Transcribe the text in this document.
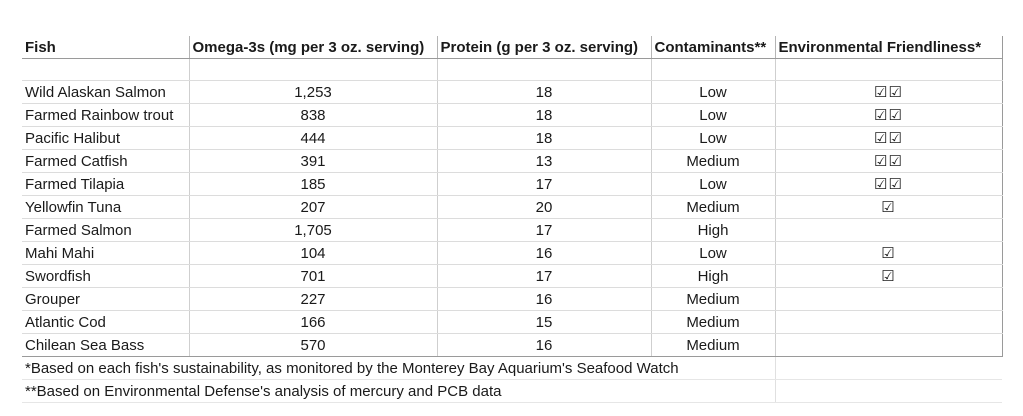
Fish	Omega-3s (mg per 3 oz. serving)	Protein (g per 3 oz. serving)	Contaminants**	Environmental Friendliness*

Wild Alaskan Salmon	1,253	18	Low	☑☑
Farmed Rainbow trout	838	18	Low	☑☑
Pacific Halibut	444	18	Low	☑☑
Farmed Catfish	391	13	Medium	☑☑
Farmed Tilapia	185	17	Low	☑☑
Yellowfin Tuna	207	20	Medium	☑
Farmed Salmon	1,705	17	High	
Mahi Mahi	104	16	Low	☑
Swordfish	701	17	High	☑
Grouper	227	16	Medium	
Atlantic Cod	166	15	Medium	
Chilean Sea Bass	570	16	Medium	
*Based on each fish's sustainability, as monitored by the Monterey Bay Aquarium's Seafood Watch				
**Based on Environmental Defense's analysis of mercury and PCB data				
